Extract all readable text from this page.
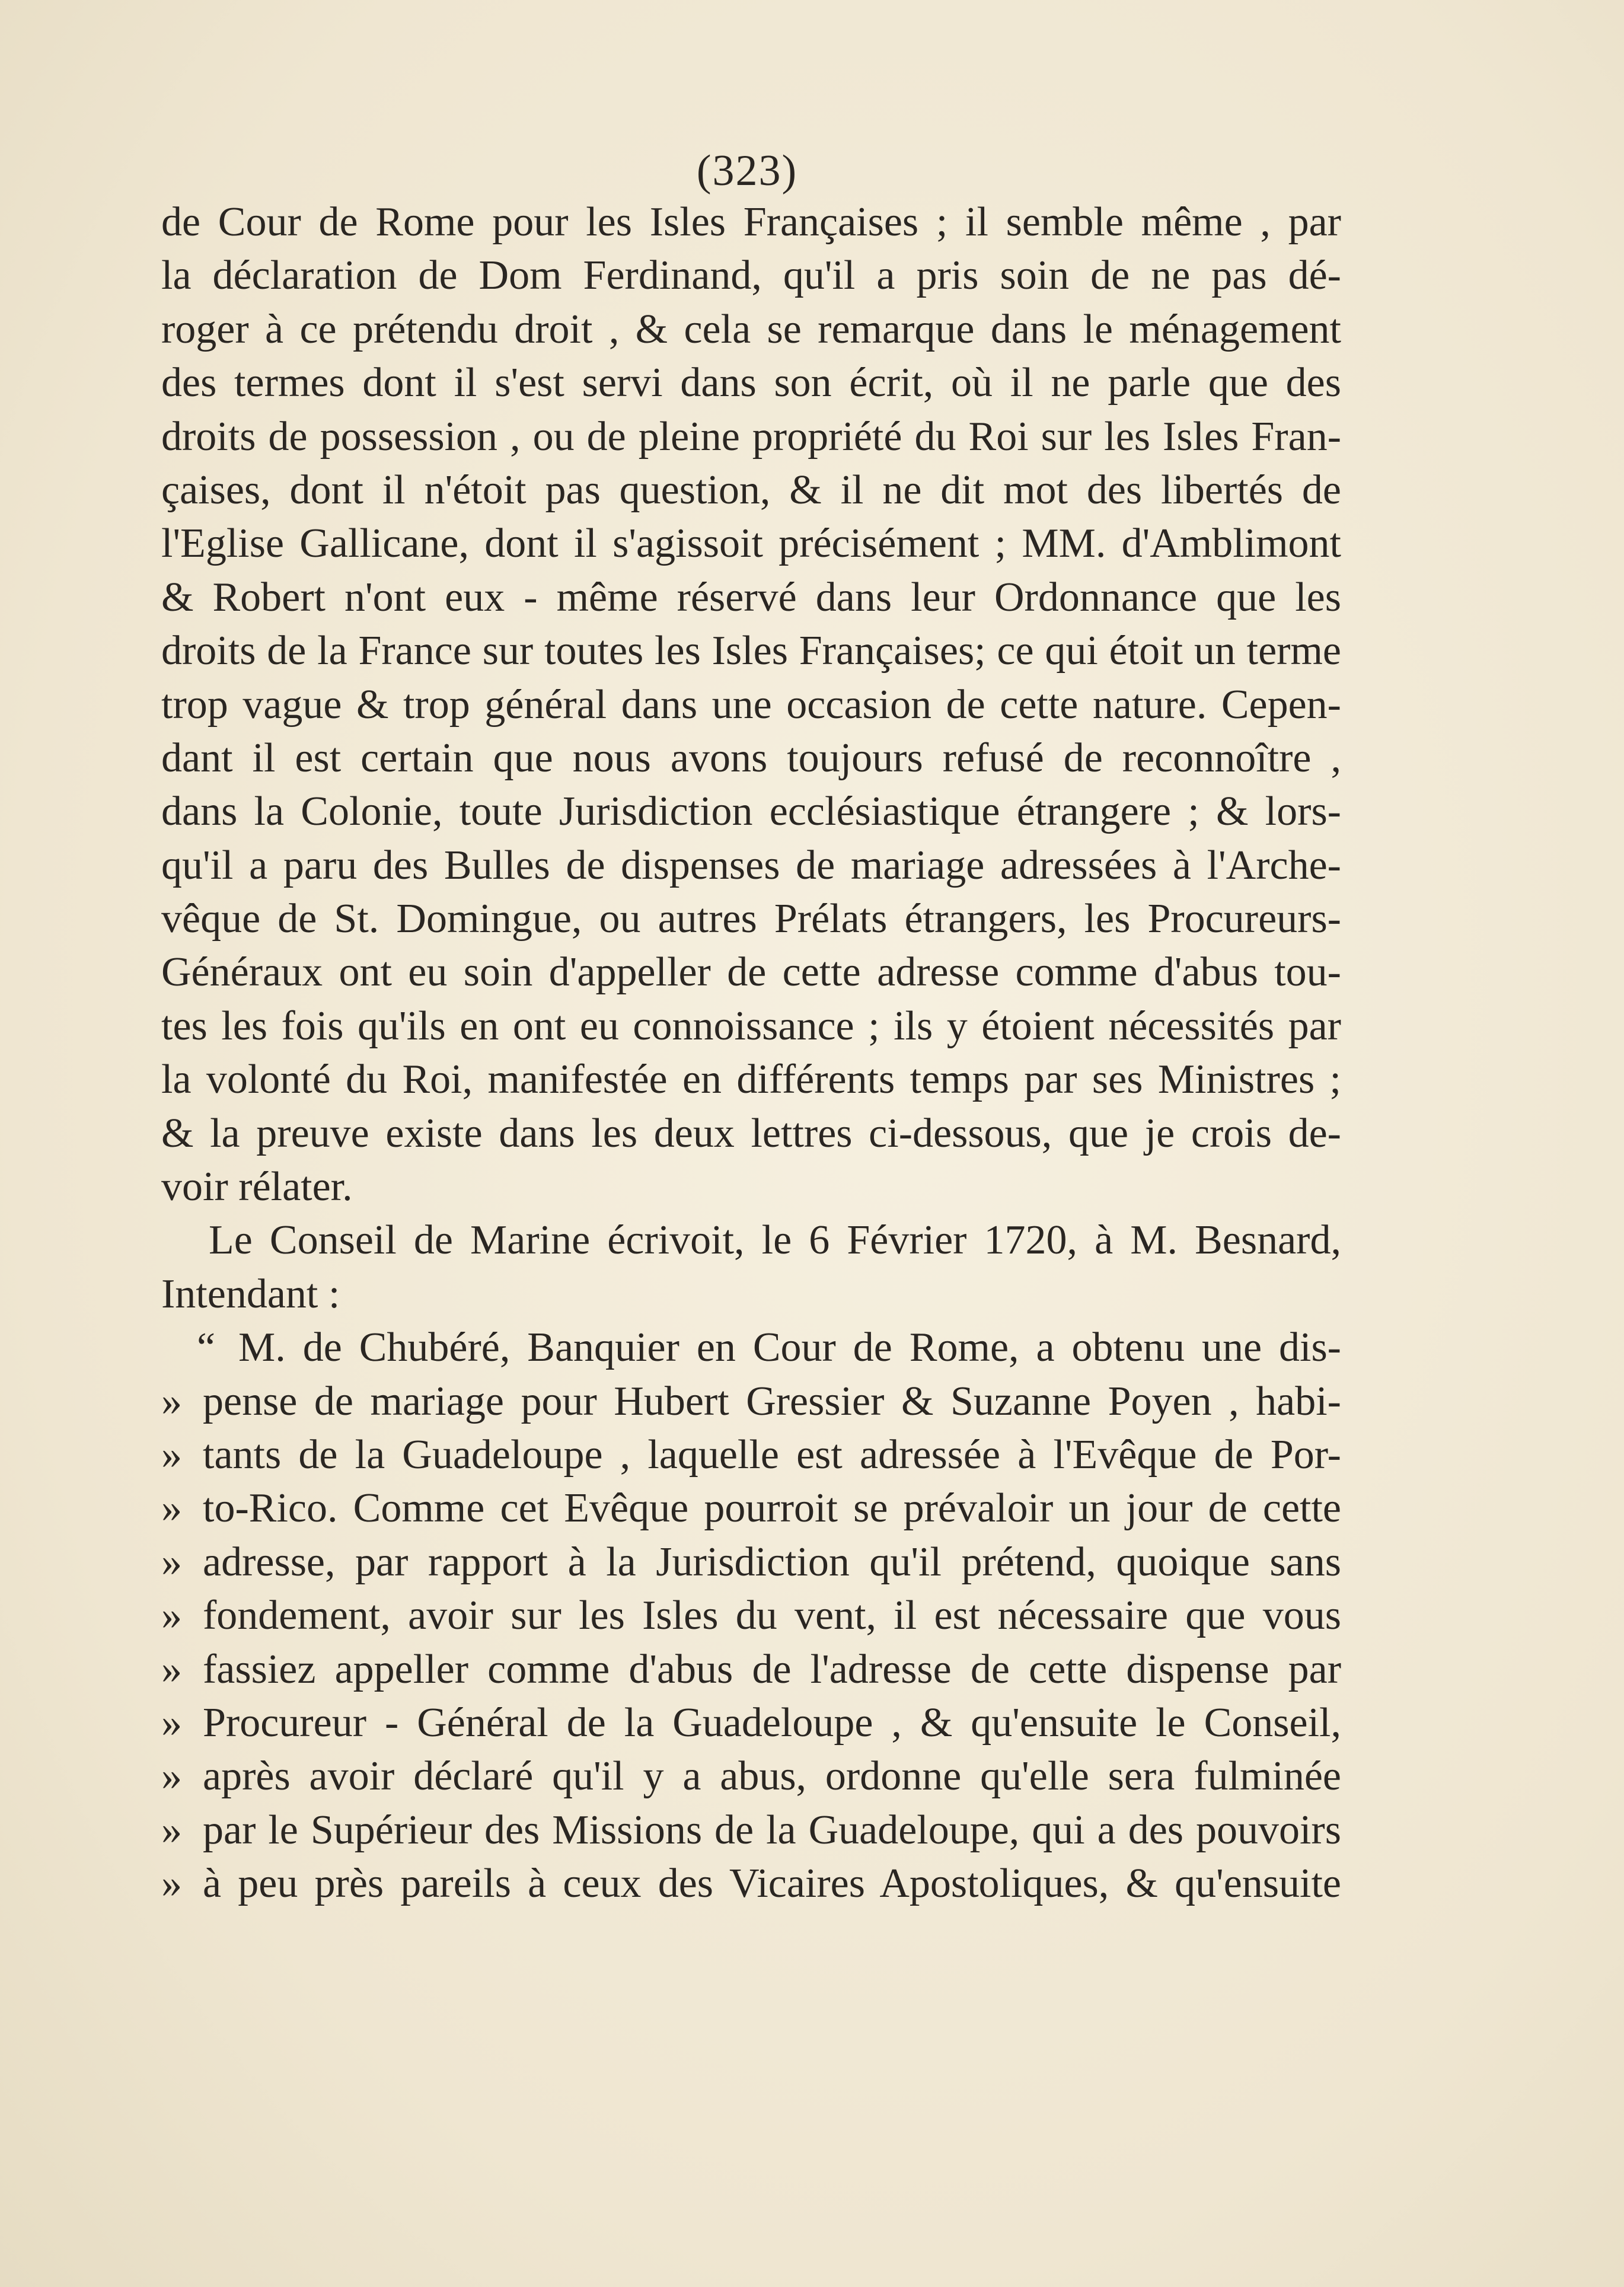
(323)
de Cour de Rome pour les Isles Françaises ; il semble même , par
la déclaration de Dom Ferdinand, qu'il a pris soin de ne pas dé-
roger à ce prétendu droit , & cela se remarque dans le ménagement
des termes dont il s'est servi dans son écrit, où il ne parle que des
droits de possession , ou de pleine propriété du Roi sur les Isles Fran-
çaises, dont il n'étoit pas question, & il ne dit mot des libertés de
l'Eglise Gallicane, dont il s'agissoit précisément ; MM. d'Amblimont
& Robert n'ont eux - même réservé dans leur Ordonnance que les
droits de la France sur toutes les Isles Françaises; ce qui étoit un terme
trop vague & trop général dans une occasion de cette nature. Cepen-
dant il est certain que nous avons toujours refusé de reconnoître ,
dans la Colonie, toute Jurisdiction ecclésiastique étrangere ; & lors-
qu'il a paru des Bulles de dispenses de mariage adressées à l'Arche-
vêque de St. Domingue, ou autres Prélats étrangers, les Procureurs-
Généraux ont eu soin d'appeller de cette adresse comme d'abus tou-
tes les fois qu'ils en ont eu connoissance ; ils y étoient nécessités par
la volonté du Roi, manifestée en différents temps par ses Ministres ;
& la preuve existe dans les deux lettres ci-dessous, que je crois de-
voir rélater.
Le Conseil de Marine écrivoit, le 6 Février 1720, à M. Besnard,
Intendant :
“ M. de Chubéré, Banquier en Cour de Rome, a obtenu une dis-
» pense de mariage pour Hubert Gressier & Suzanne Poyen , habi-
» tants de la Guadeloupe , laquelle est adressée à l'Evêque de Por-
» to-Rico. Comme cet Evêque pourroit se prévaloir un jour de cette
» adresse, par rapport à la Jurisdiction qu'il prétend, quoique sans
» fondement, avoir sur les Isles du vent, il est nécessaire que vous
» fassiez appeller comme d'abus de l'adresse de cette dispense par
» Procureur - Général de la Guadeloupe , & qu'ensuite le Conseil,
» après avoir déclaré qu'il y a abus, ordonne qu'elle sera fulminée
» par le Supérieur des Missions de la Guadeloupe, qui a des pouvoirs
» à peu près pareils à ceux des Vicaires Apostoliques, & qu'ensuite
